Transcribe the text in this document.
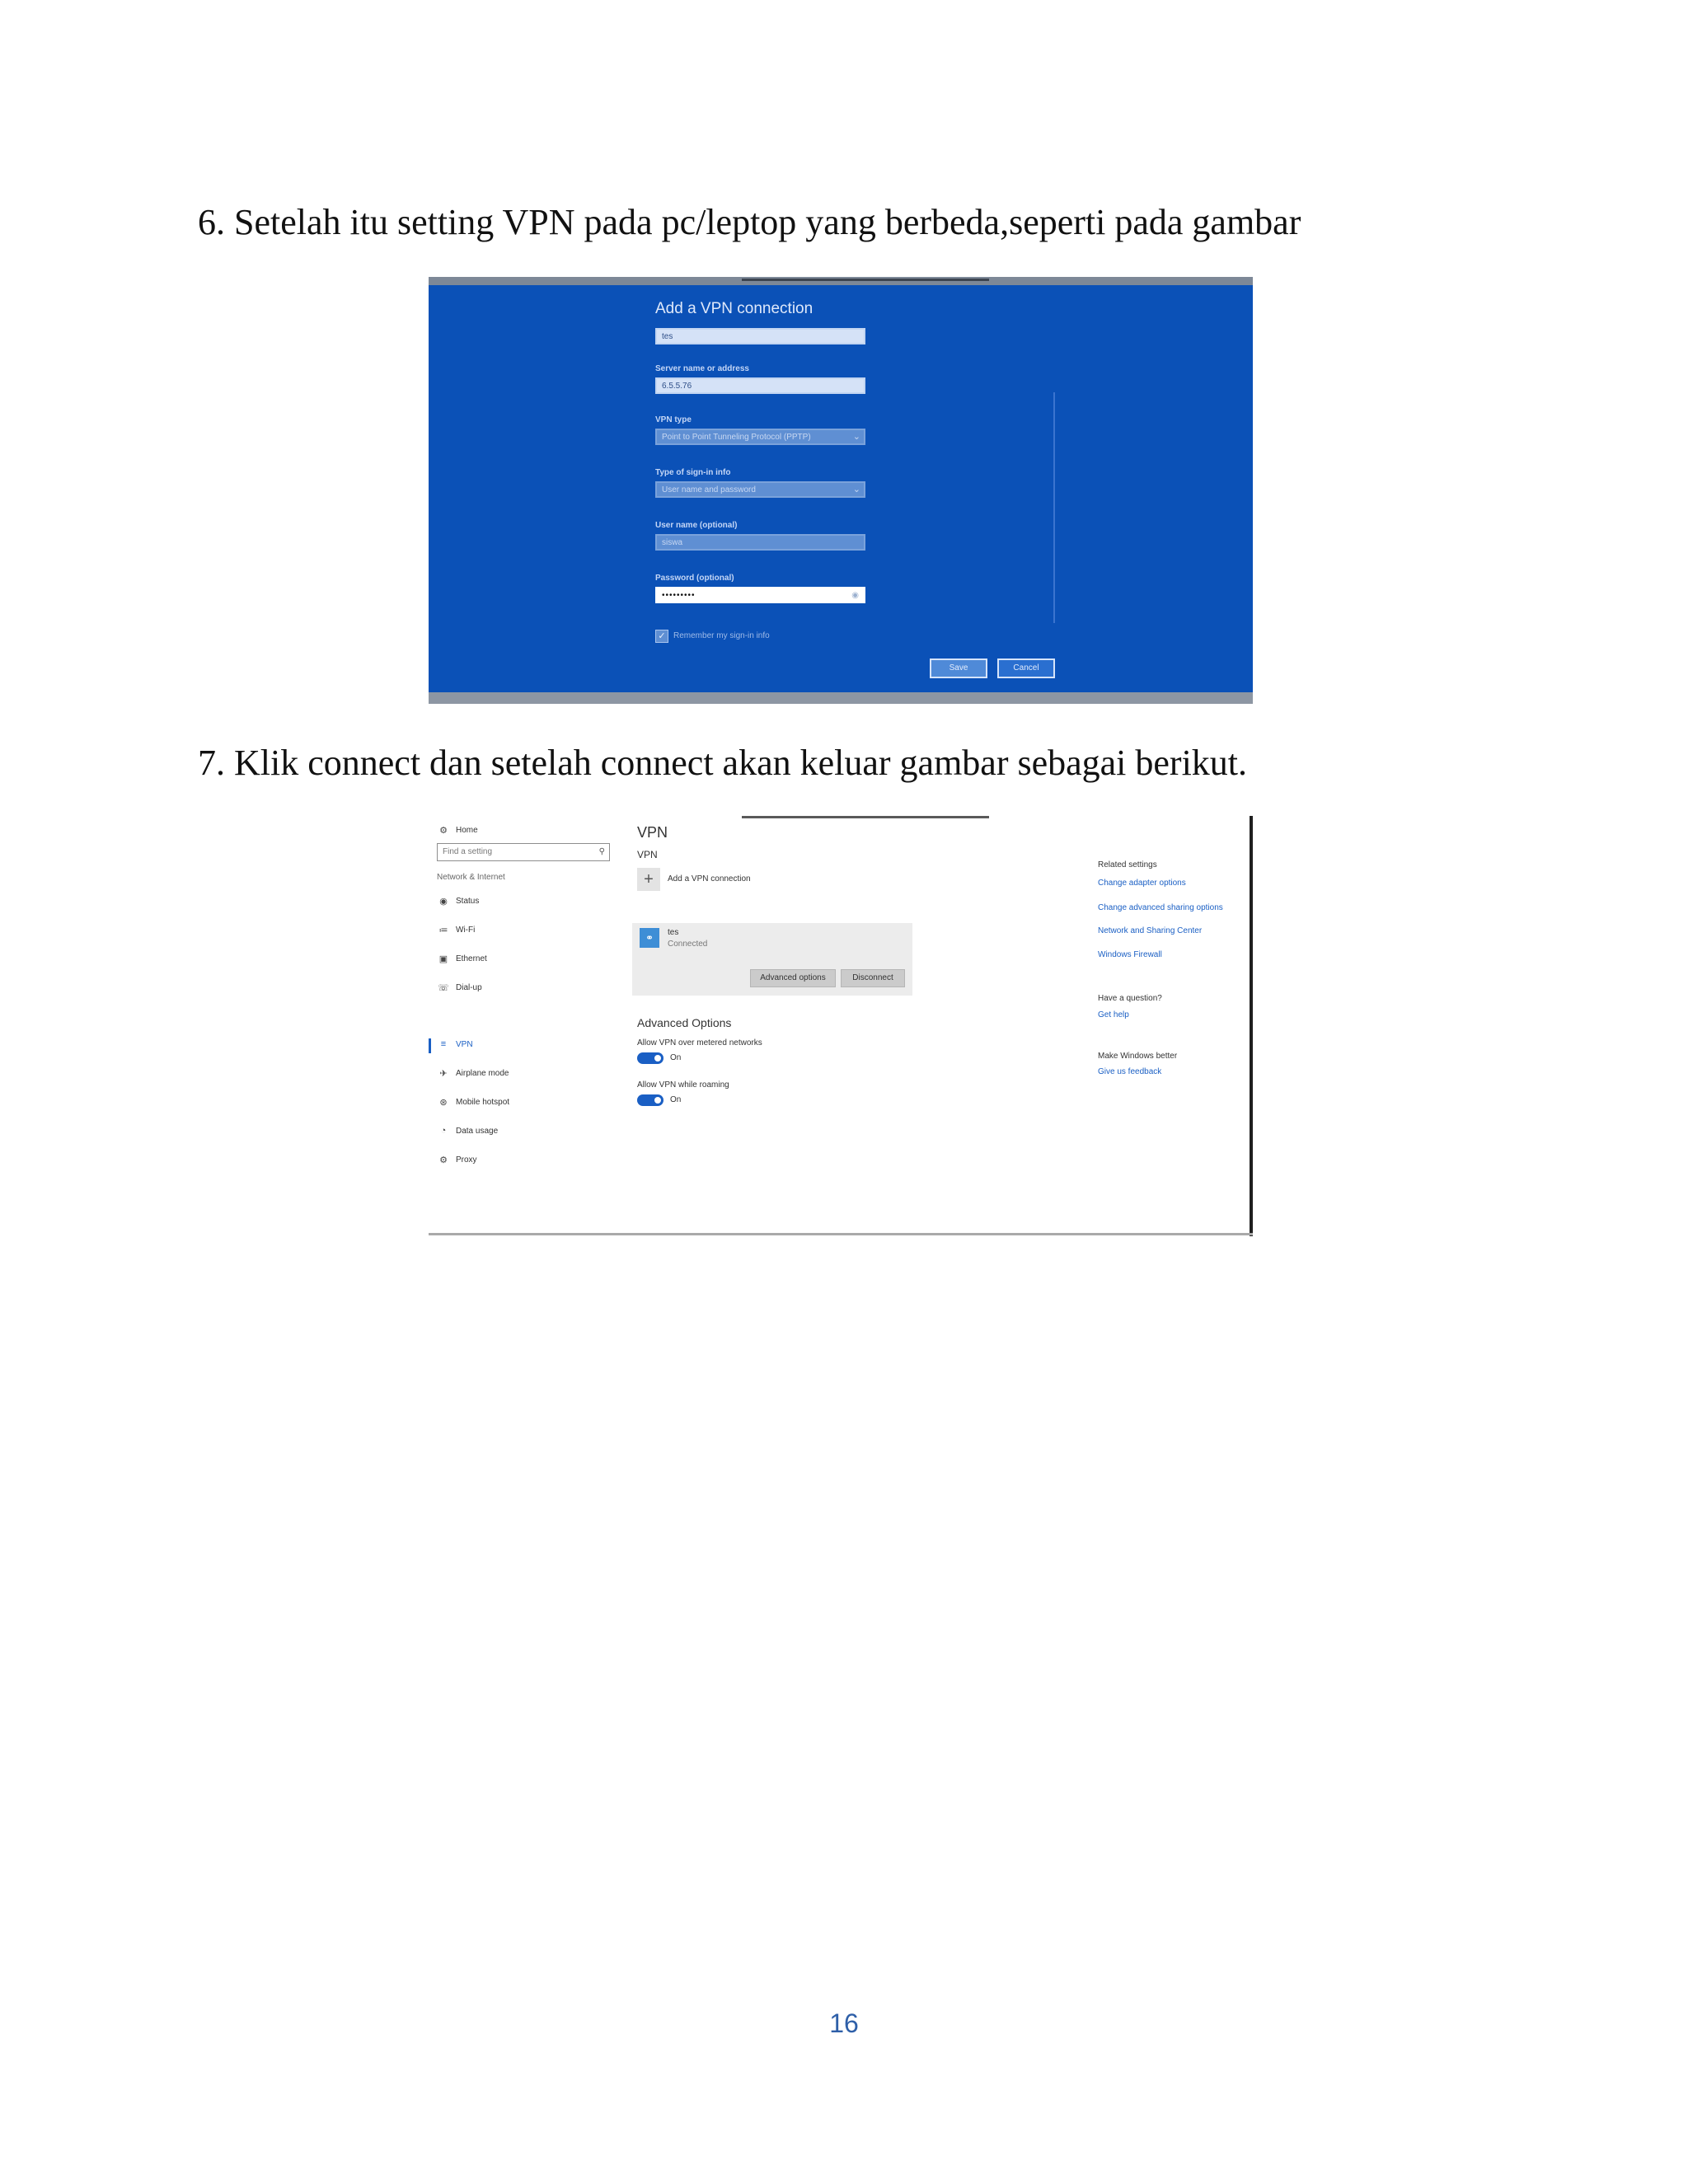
6. Setelah itu setting VPN pada pc/leptop yang berbeda,seperti pada gambar
Add a VPN connection
tes
Server name or address
6.5.5.76
VPN type
Point to Point Tunneling Protocol (PPTP)	⌄
Type of sign-in info
User name and password	⌄
User name (optional)
siswa
Password (optional)
•••••••••	◉
✓ Remember my sign-in info
Save	Cancel
7. Klik connect dan setelah connect akan keluar gambar sebagai berikut.
⚙	Home
Find a setting	⚲
Network & Internet
◉	Status
≔ Wi-Fi
▣ Ethernet
☏ Dial-up
≡	VPN
✈	Airplane mode
⊛	Mobile hotspot
◔	Data usage
⚙	Proxy
VPN
VPN
+	Add a VPN connection
⚭	tes
Connected
Advanced options	Disconnect
Advanced Options
Allow VPN over metered networks
On
Allow VPN while roaming
On
Related settings
Change adapter options
Change advanced sharing options
Network and Sharing Center
Windows Firewall
Have a question?
Get help
Make Windows better
Give us feedback
16
